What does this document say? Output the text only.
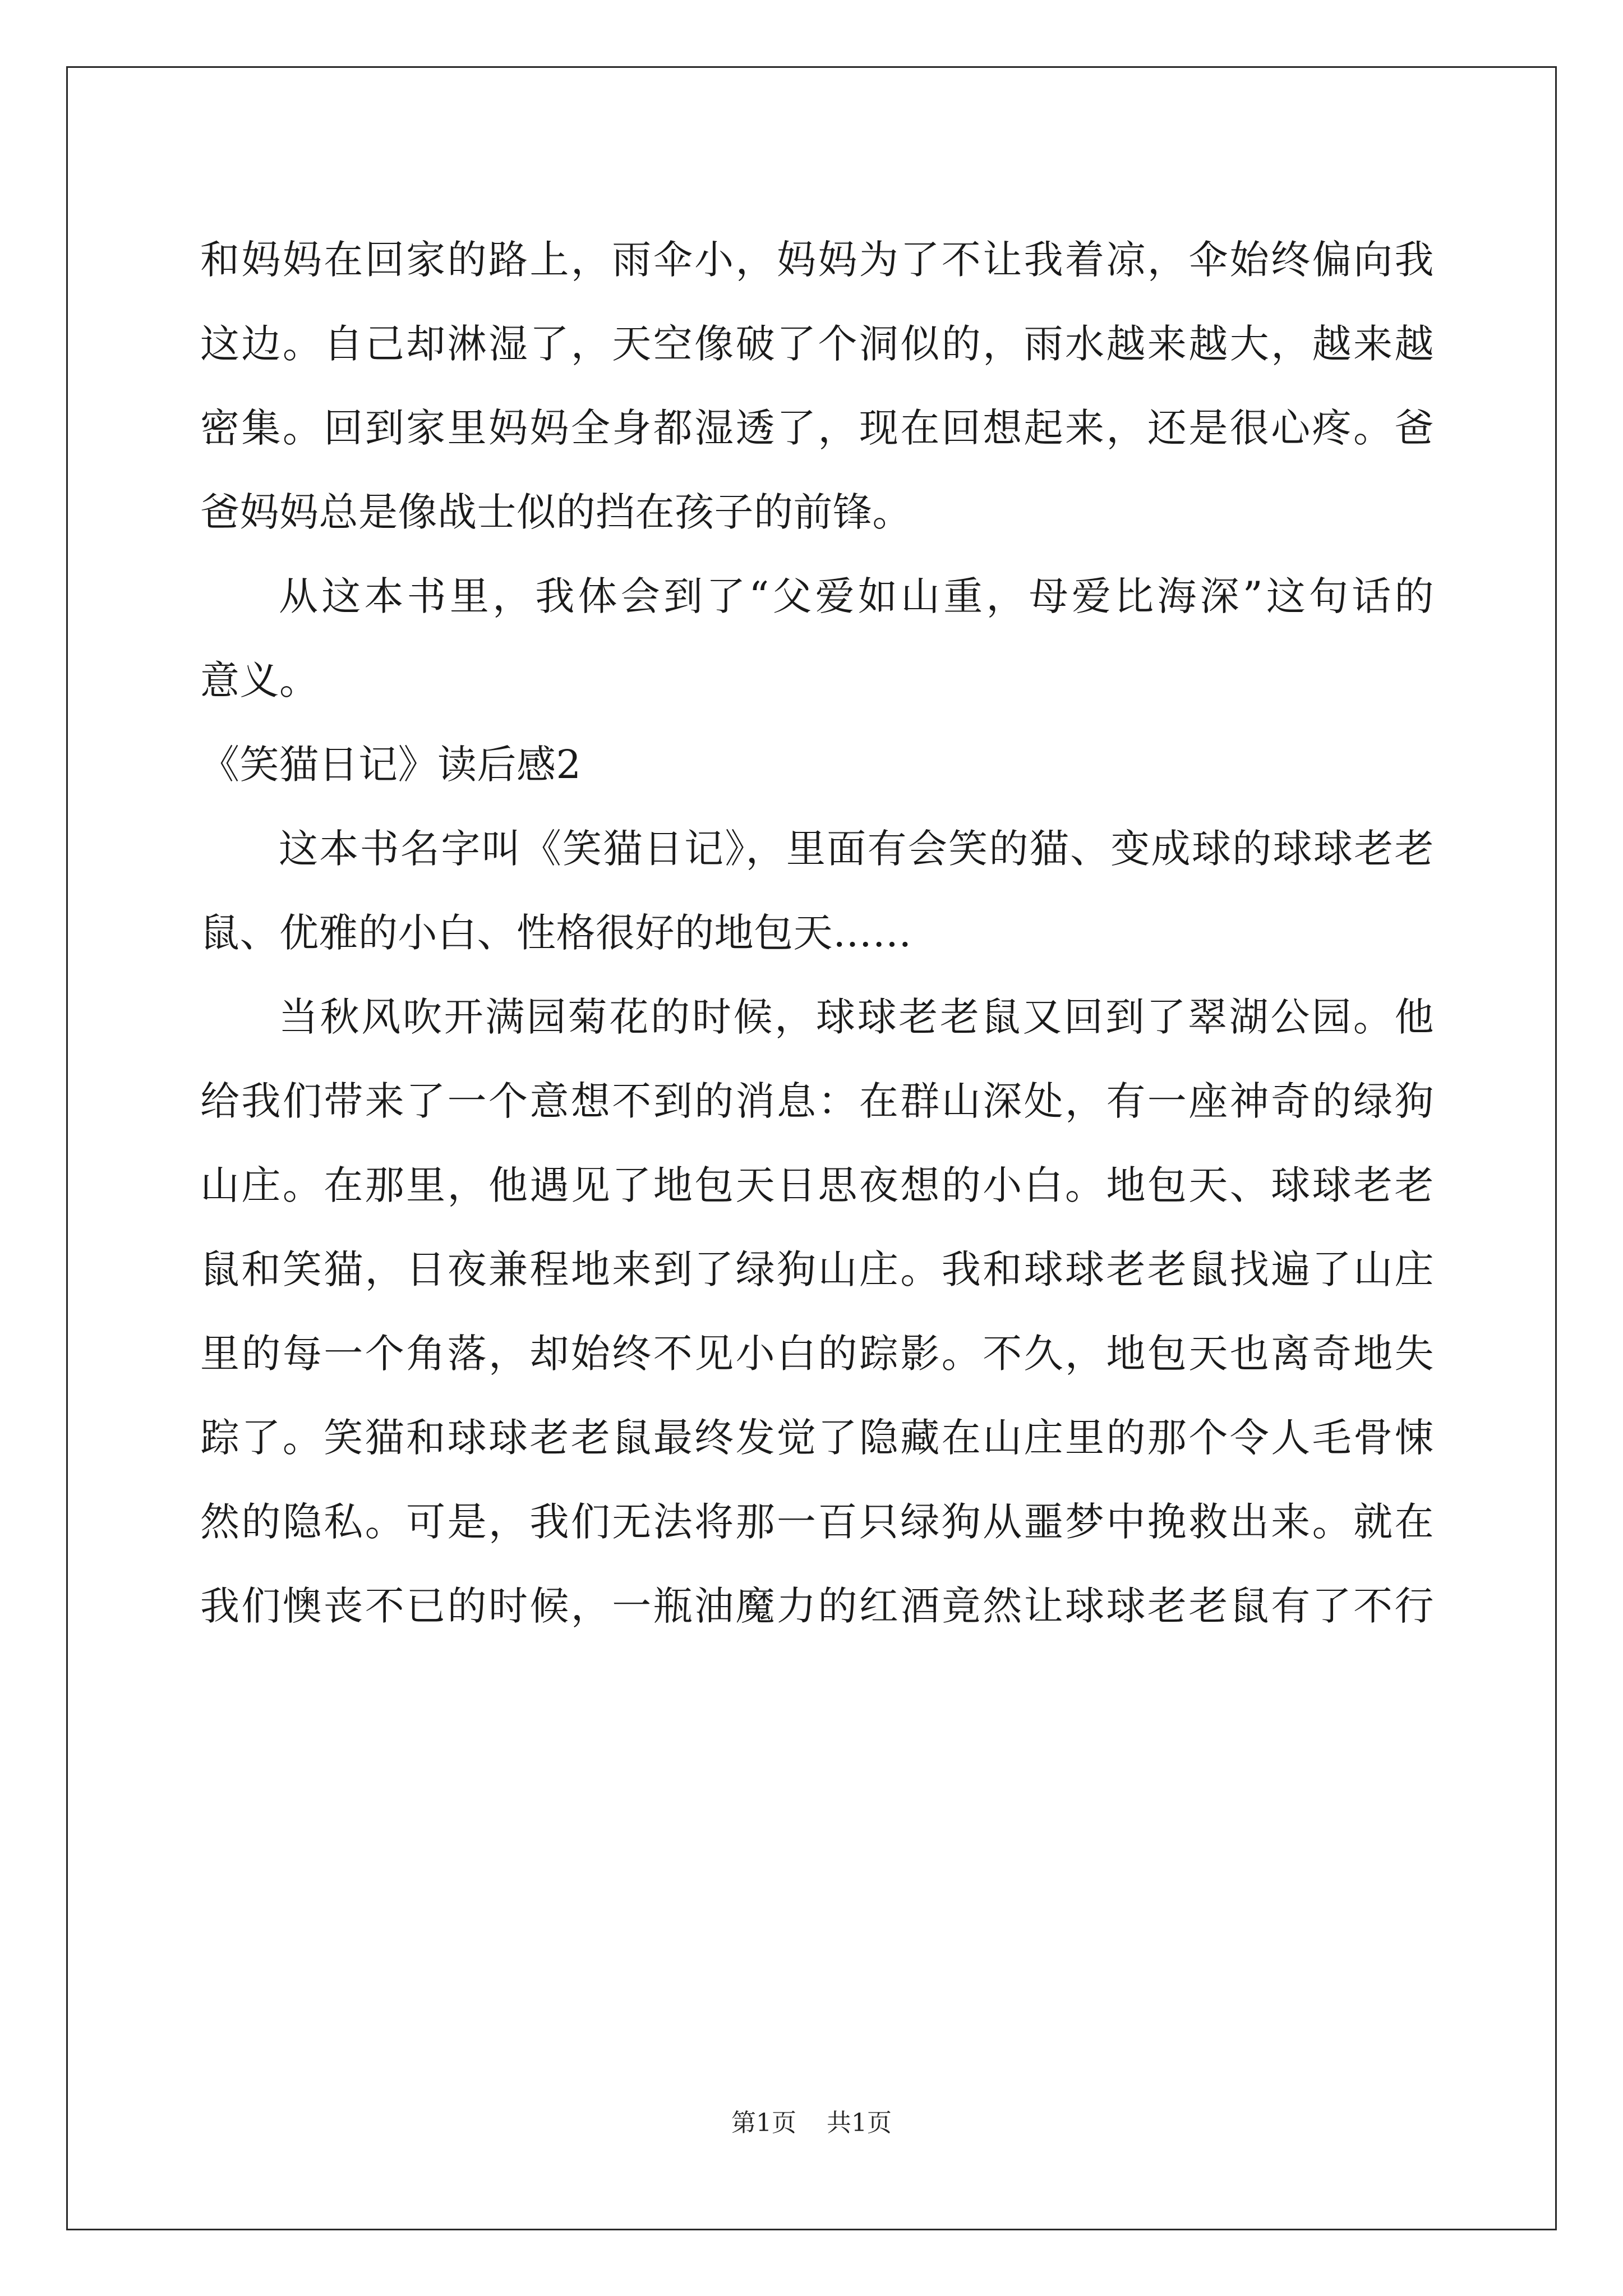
和妈妈在回家的路上，雨伞小，妈妈为了不让我着凉，伞始终偏向我
这边。自己却淋湿了，天空像破了个洞似的，雨水越来越大，越来越
密集。回到家里妈妈全身都湿透了，现在回想起来，还是很心疼。爸
爸妈妈总是像战士似的挡在孩子的前锋。
从这本书里，我体会到了“父爱如山重，母爱比海深”这句话的
意义。
《笑猫日记》读后感2
这本书名字叫《笑猫日记》，里面有会笑的猫、变成球的球球老老
鼠、优雅的小白、性格很好的地包天……
当秋风吹开满园菊花的时候，球球老老鼠又回到了翠湖公园。他
给我们带来了一个意想不到的消息：在群山深处，有一座神奇的绿狗
山庄。在那里，他遇见了地包天日思夜想的小白。地包天、球球老老
鼠和笑猫，日夜兼程地来到了绿狗山庄。我和球球老老鼠找遍了山庄
里的每一个角落，却始终不见小白的踪影。不久，地包天也离奇地失
踪了。笑猫和球球老老鼠最终发觉了隐藏在山庄里的那个令人毛骨悚
然的隐私。可是，我们无法将那一百只绿狗从噩梦中挽救出来。就在
我们懊丧不已的时候，一瓶油魔力的红酒竟然让球球老老鼠有了不行
第1页 共1页
